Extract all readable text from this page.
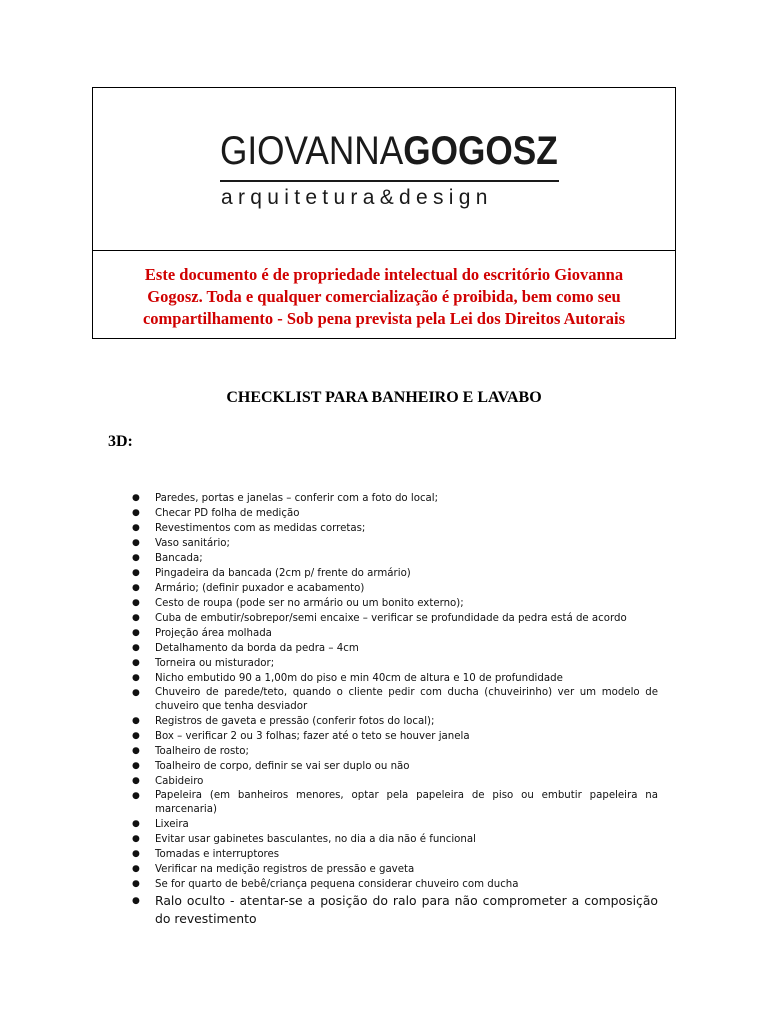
GIOVANNAGOGOSZ
arquitetura&design
Este documento é de propriedade intelectual do escritório Giovanna
Gogosz. Toda e qualquer comercialização é proibida, bem como seu
compartilhamento - Sob pena prevista pela Lei dos Direitos Autorais
CHECKLIST PARA BANHEIRO E LAVABO
3D:
● Paredes, portas e janelas – conferir com a foto do local;
● Checar PD folha de medição
● Revestimentos com as medidas corretas;
● Vaso sanitário;
● Bancada;
● Pingadeira da bancada (2cm p/ frente do armário)
● Armário; (definir puxador e acabamento)
● Cesto de roupa (pode ser no armário ou um bonito externo);
● Cuba de embutir/sobrepor/semi encaixe – verificar se profundidade da pedra está de acordo
● Projeção área molhada
● Detalhamento da borda da pedra – 4cm
● Torneira ou misturador;
● Nicho embutido 90 a 1,00m do piso e min 40cm de altura e 10 de profundidade
● Chuveiro de parede/teto, quando o cliente pedir com ducha (chuveirinho) ver um modelo de chuveiro que tenha desviador
● Registros de gaveta e pressão (conferir fotos do local);
● Box – verificar 2 ou 3 folhas; fazer até o teto se houver janela
● Toalheiro de rosto;
● Toalheiro de corpo, definir se vai ser duplo ou não
● Cabideiro
● Papeleira (em banheiros menores, optar pela papeleira de piso ou embutir papeleira na marcenaria)
● Lixeira
● Evitar usar gabinetes basculantes, no dia a dia não é funcional
● Tomadas e interruptores
● Verificar na medição registros de pressão e gaveta
● Se for quarto de bebê/criança pequena considerar chuveiro com ducha
● Ralo oculto - atentar-se a posição do ralo para não comprometer a composição do revestimento
